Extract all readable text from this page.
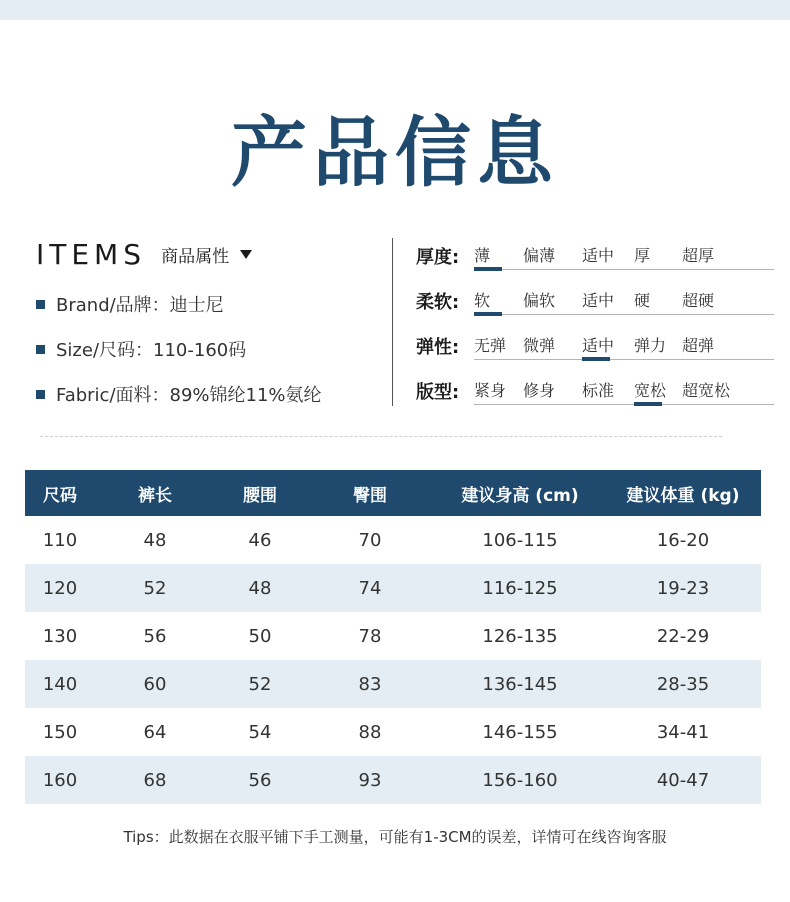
产品信息
ITEMS 商品属性
Brand/品牌：迪士尼
Size/尺码：110-160码
Fabric/面料：89%锦纶11%氨纶
厚度: 薄 偏薄 适中 厚 超厚
柔软: 软 偏软 适中 硬 超硬
弹性: 无弹 微弹 适中 弹力 超弹
版型: 紧身 修身 标准 宽松 超宽松
尺码	裤长	腰围	臀围	建议身高 (cm)	建议体重 (kg)
110	48	46	70	106-115	16-20
120	52	48	74	116-125	19-23
130	56	50	78	126-135	22-29
140	60	52	83	136-145	28-35
150	64	54	88	146-155	34-41
160	68	56	93	156-160	40-47
Tips：此数据在衣服平铺下手工测量，可能有1-3CM的误差，详情可在线咨询客服
